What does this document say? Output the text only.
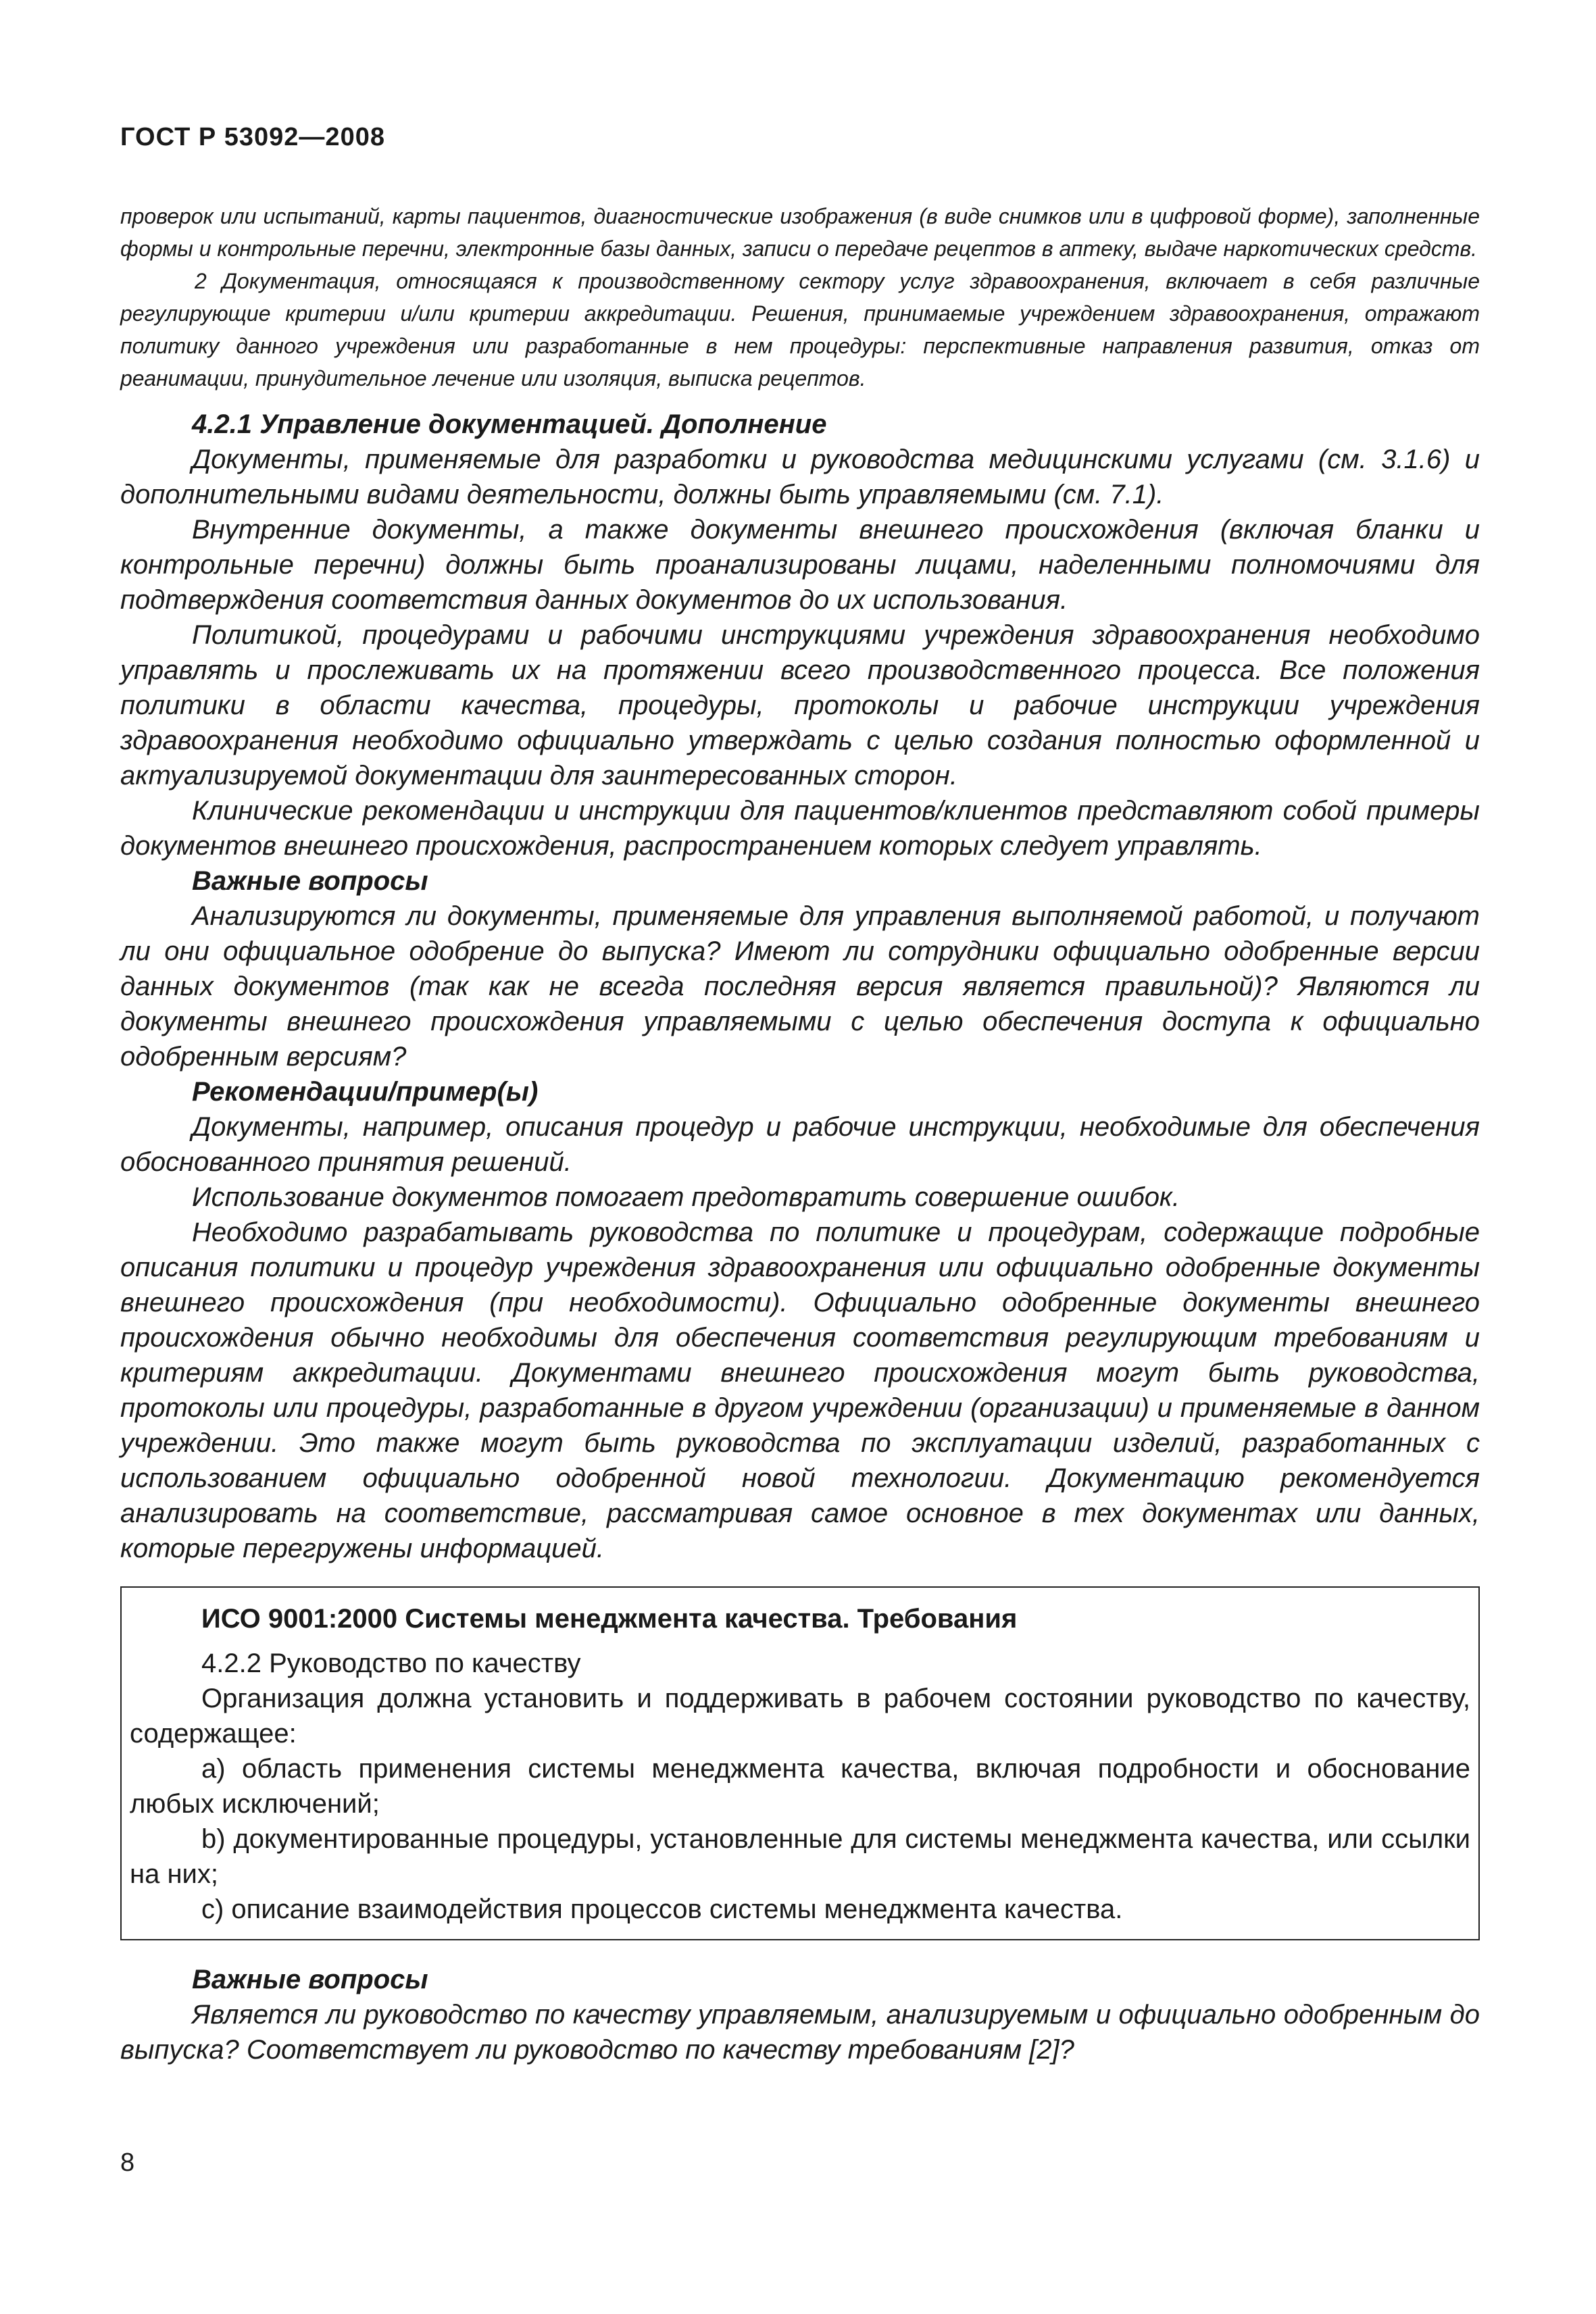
ГОСТ Р 53092—2008

проверок или испытаний, карты пациентов, диагностические изображения (в виде снимков или в цифровой форме), заполненные формы и контрольные перечни, электронные базы данных, записи о передаче рецептов в аптеку, выдаче наркотических средств.

2 Документация, относящаяся к производственному сектору услуг здравоохранения, включает в себя различные регулирующие критерии и/или критерии аккредитации. Решения, принимаемые учреждением здравоохранения, отражают политику данного учреждения или разработанные в нем процедуры: перспективные направления развития, отказ от реанимации, принудительное лечение или изоляция, выписка рецептов.

4.2.1 Управление документацией. Дополнение

Документы, применяемые для разработки и руководства медицинскими услугами (см. 3.1.6) и дополнительными видами деятельности, должны быть управляемыми (см. 7.1).

Внутренние документы, а также документы внешнего происхождения (включая бланки и контрольные перечни) должны быть проанализированы лицами, наделенными полномочиями для подтверждения соответствия данных документов до их использования.

Политикой, процедурами и рабочими инструкциями учреждения здравоохранения необходимо управлять и прослеживать их на протяжении всего производственного процесса. Все положения политики в области качества, процедуры, протоколы и рабочие инструкции учреждения здравоохранения необходимо официально утверждать с целью создания полностью оформленной и актуализируемой документации для заинтересованных сторон.

Клинические рекомендации и инструкции для пациентов/клиентов представляют собой примеры документов внешнего происхождения, распространением которых следует управлять.

Важные вопросы

Анализируются ли документы, применяемые для управления выполняемой работой, и получают ли они официальное одобрение до выпуска? Имеют ли сотрудники официально одобренные версии данных документов (так как не всегда последняя версия является правильной)? Являются ли документы внешнего происхождения управляемыми с целью обеспечения доступа к официально одобренным версиям?

Рекомендации/пример(ы)

Документы, например, описания процедур и рабочие инструкции, необходимые для обеспечения обоснованного принятия решений.

Использование документов помогает предотвратить совершение ошибок.

Необходимо разрабатывать руководства по политике и процедурам, содержащие подробные описания политики и процедур учреждения здравоохранения или официально одобренные документы внешнего происхождения (при необходимости). Официально одобренные документы внешнего происхождения обычно необходимы для обеспечения соответствия регулирующим требованиям и критериям аккредитации. Документами внешнего происхождения могут быть руководства, протоколы или процедуры, разработанные в другом учреждении (организации) и применяемые в данном учреждении. Это также могут быть руководства по эксплуатации изделий, разработанных с использованием официально одобренной новой технологии. Документацию рекомендуется анализировать на соответствие, рассматривая самое основное в тех документах или данных, которые перегружены информацией.

ИСО 9001:2000 Системы менеджмента качества. Требования

4.2.2 Руководство по качеству

Организация должна установить и поддерживать в рабочем состоянии руководство по качеству, содержащее:

a) область применения системы менеджмента качества, включая подробности и обоснование любых исключений;

b) документированные процедуры, установленные для системы менеджмента качества, или ссылки на них;

c) описание взаимодействия процессов системы менеджмента качества.

Важные вопросы

Является ли руководство по качеству управляемым, анализируемым и официально одобренным до выпуска? Соответствует ли руководство по качеству требованиям [2]?

8
